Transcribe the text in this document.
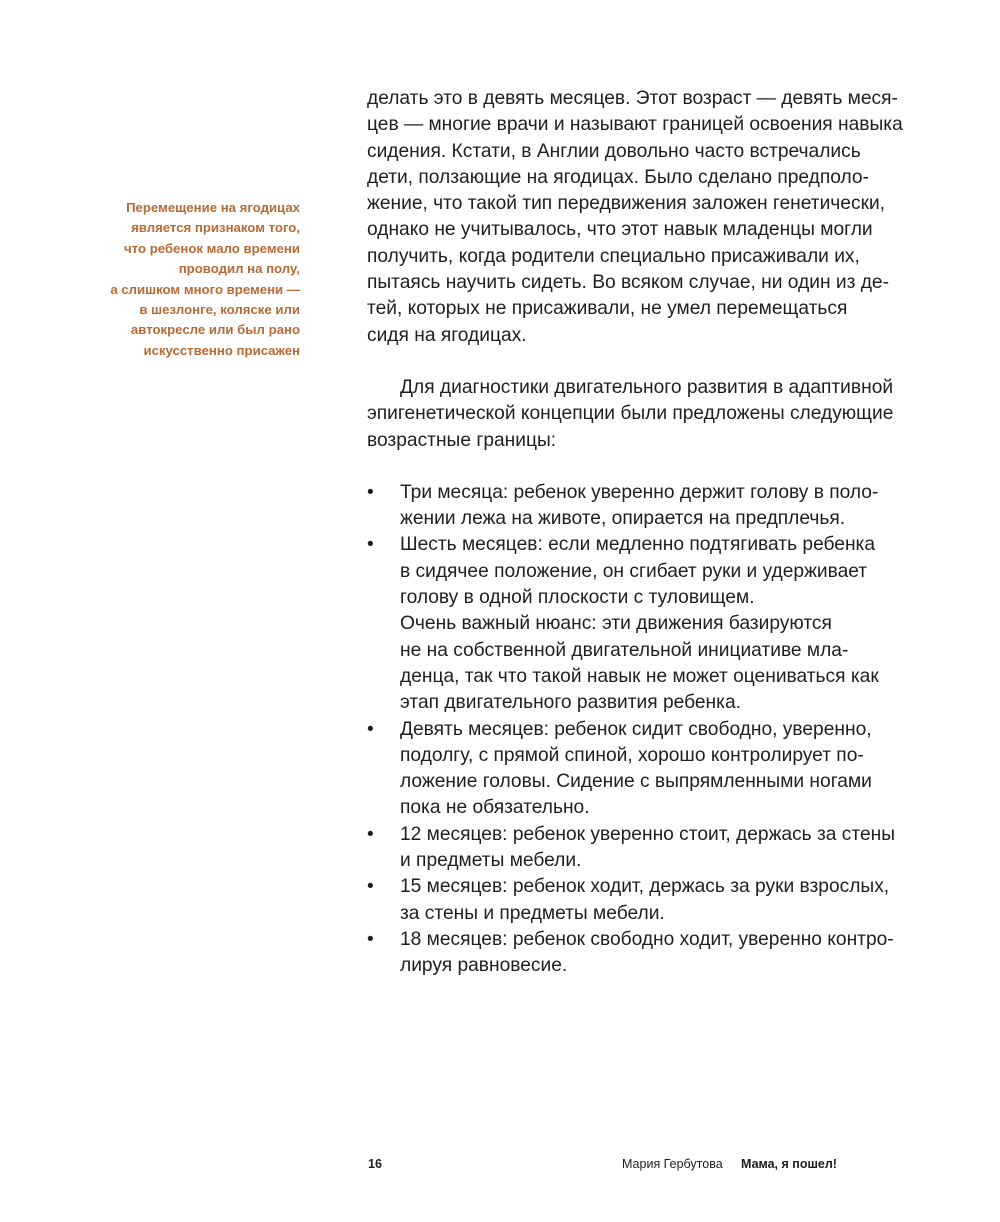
Перемещение на ягодицах
является признаком того,
что ребенок мало времени
проводил на полу,
а слишком много времени —
в шезлонге, коляске или
автокресле или был рано
искусственно присажен
делать это в девять месяцев. Этот возраст — девять меся-
цев — многие врачи и называют границей освоения навыка
сидения. Кстати, в Англии довольно часто встречались
дети, ползающие на ягодицах. Было сделано предполо-
жение, что такой тип передвижения заложен генетически,
однако не учитывалось, что этот навык младенцы могли
получить, когда родители специально присаживали их,
пытаясь научить сидеть. Во всяком случае, ни один из де-
тей, которых не присаживали, не умел перемещаться
сидя на ягодицах.
Для диагностики двигательного развития в адаптивной
эпигенетической концепции были предложены следующие
возрастные границы:
• Три месяца: ребенок уверенно держит голову в поло-
жении лежа на животе, опирается на предплечья.
• Шесть месяцев: если медленно подтягивать ребенка
в сидячее положение, он сгибает руки и удерживает
голову в одной плоскости с туловищем.
Очень важный нюанс: эти движения базируются
не на собственной двигательной инициативе мла-
денца, так что такой навык не может оцениваться как
этап двигательного развития ребенка.
• Девять месяцев: ребенок сидит свободно, уверенно,
подолгу, с прямой спиной, хорошо контролирует по-
ложение головы. Сидение с выпрямленными ногами
пока не обязательно.
• 12 месяцев: ребенок уверенно стоит, держась за стены
и предметы мебели.
• 15 месяцев: ребенок ходит, держась за руки взрослых,
за стены и предметы мебели.
• 18 месяцев: ребенок свободно ходит, уверенно контро-
лируя равновесие.
16	Мария Гербутова Мама, я пошел!
